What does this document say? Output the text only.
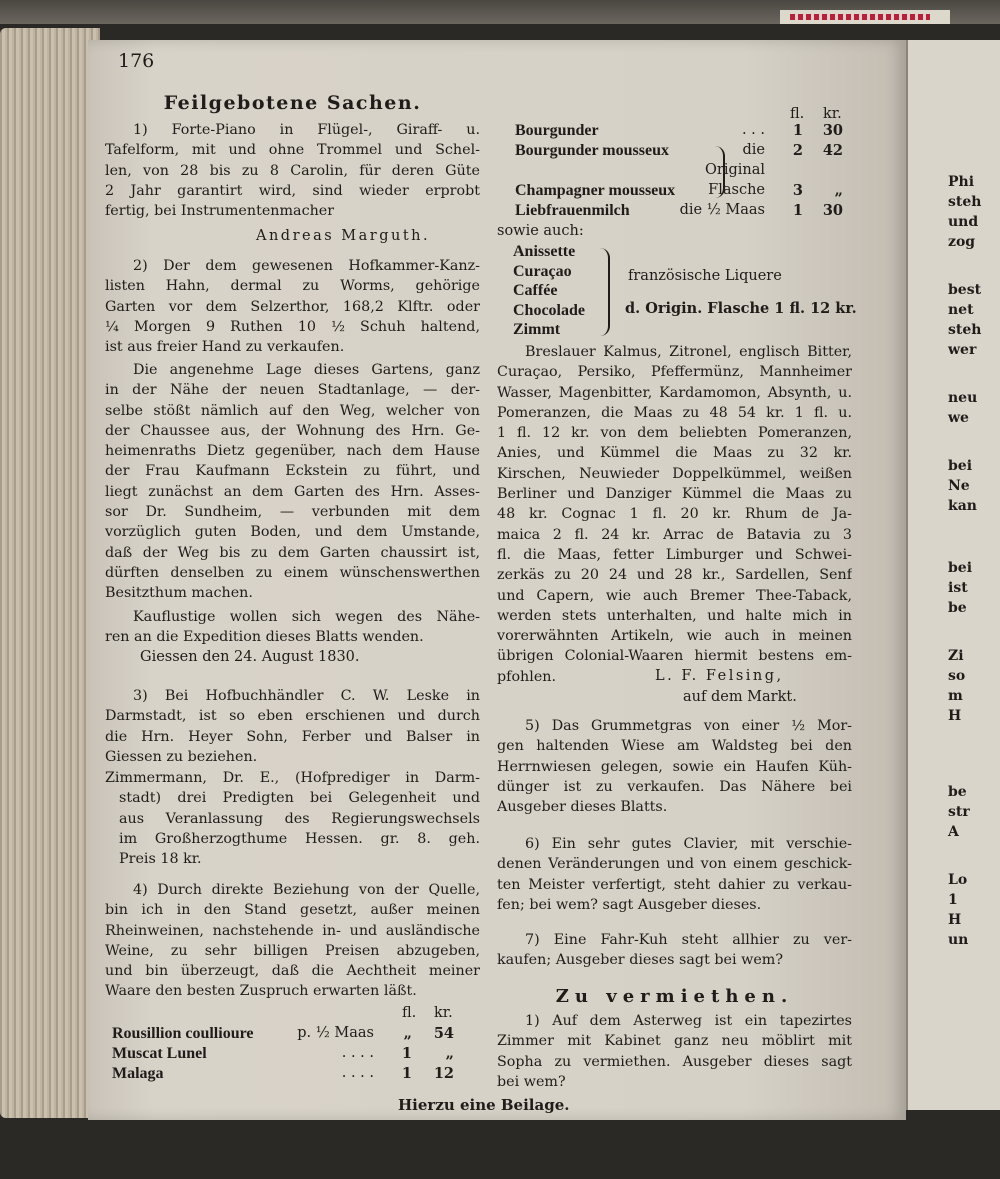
176
Feilgebotene Sachen.
1) Forte-Piano in Flügel-, Giraff- u.
Tafelform, mit und ohne Trommel und Schel-
len, von 28 bis zu 8 Carolin, für deren Güte
2 Jahr garantirt wird, sind wieder erprobt
fertig, bei Instrumentenmacher
Andreas Marguth.
2) Der dem gewesenen Hofkammer-Kanz-
listen Hahn, dermal zu Worms, gehörige
Garten vor dem Selzerthor, 168,2 Klftr. oder
¼ Morgen 9 Ruthen 10 ½ Schuh haltend,
ist aus freier Hand zu verkaufen.
Die angenehme Lage dieses Gartens, ganz
in der Nähe der neuen Stadtanlage, — der-
selbe stößt nämlich auf den Weg, welcher von
der Chaussee aus, der Wohnung des Hrn. Ge-
heimenraths Dietz gegenüber, nach dem Hause
der Frau Kaufmann Eckstein zu führt, und
liegt zunächst an dem Garten des Hrn. Asses-
sor Dr. Sundheim, — verbunden mit dem
vorzüglich guten Boden, und dem Umstande,
daß der Weg bis zu dem Garten chaussirt ist,
dürften denselben zu einem wünschenswerthen
Besitzthum machen.
Kauflustige wollen sich wegen des Nähe-
ren an die Expedition dieses Blatts wenden.
Giessen den 24. August 1830.
3) Bei Hofbuchhändler C. W. Leske in
Darmstadt, ist so eben erschienen und durch
die Hrn. Heyer Sohn, Ferber und Balser in
Giessen zu beziehen.
Zimmermann, Dr. E., (Hofprediger in Darm-
stadt) drei Predigten bei Gelegenheit und
aus Veranlassung des Regierungswechsels
im Großherzogthume Hessen. gr. 8. geh.
Preis 18 kr.
4) Durch direkte Beziehung von der Quelle,
bin ich in den Stand gesetzt, außer meinen
Rheinweinen, nachstehende in- und ausländische
Weine, zu sehr billigen Preisen abzugeben,
und bin überzeugt, daß die Aechtheit meiner
Waare den besten Zuspruch erwarten läßt.
fl. kr.
Rousillion coullioure	p. ½ Maas	„	54
Muscat Lunel	. . . .	1	„
Malaga	. . . .	1	12
fl. kr.
Bourgunder	. . .	1	30
Bourgunder mousseux	die	2	42
Original
Champagner mousseux Flasche	3	„
Liebfrauenmilch	die ½ Maas	1	30
sowie auch:
Anissette
Curaçao
Caffée
Chocolade
Zimmt
französische Liquere
d. Origin. Flasche 1 fl. 12 kr.
Breslauer Kalmus, Zitronel, englisch Bitter,
Curaçao, Persiko, Pfeffermünz, Mannheimer
Wasser, Magenbitter, Kardamomon, Absynth, u.
Pomeranzen, die Maas zu 48 54 kr. 1 fl. u.
1 fl. 12 kr. von dem beliebten Pomeranzen,
Anies, und Kümmel die Maas zu 32 kr.
Kirschen, Neuwieder Doppelkümmel, weißen
Berliner und Danziger Kümmel die Maas zu
48 kr. Cognac 1 fl. 20 kr. Rhum de Ja-
maica 2 fl. 24 kr. Arrac de Batavia zu 3
fl. die Maas, fetter Limburger und Schwei-
zerkäs zu 20 24 und 28 kr., Sardellen, Senf
und Capern, wie auch Bremer Thee-Taback,
werden stets unterhalten, und halte mich in
vorerwähnten Artikeln, wie auch in meinen
übrigen Colonial-Waaren hiermit bestens em-
pfohlen.	L. F. Felsing,
auf dem Markt.
5) Das Grummetgras von einer ½ Mor-
gen haltenden Wiese am Waldsteg bei den
Herrnwiesen gelegen, sowie ein Haufen Küh-
dünger ist zu verkaufen. Das Nähere bei
Ausgeber dieses Blatts.
6) Ein sehr gutes Clavier, mit verschie-
denen Veränderungen und von einem geschick-
ten Meister verfertigt, steht dahier zu verkau-
fen; bei wem? sagt Ausgeber dieses.
7) Eine Fahr-Kuh steht allhier zu ver-
kaufen; Ausgeber dieses sagt bei wem?
Zu vermiethen.
1) Auf dem Asterweg ist ein tapezirtes
Zimmer mit Kabinet ganz neu möblirt mit
Sopha zu vermiethen. Ausgeber dieses sagt
bei wem?
Hierzu eine Beilage.
Phi
steh
und
zog
best
net
steh
wer
neu
we
bei
Ne
kan
bei
ist
be
Zi
so
m
H
be
str
A
Lo
1
H
un
